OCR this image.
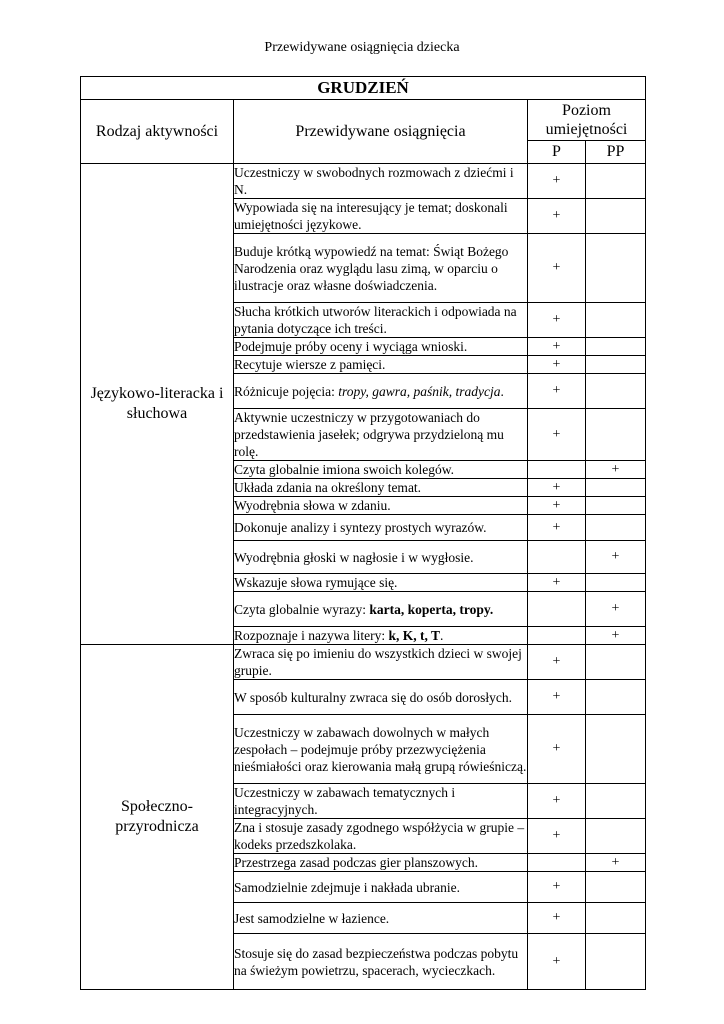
Przewidywane osiągnięcia dziecka
GRUDZIEŃ			
Rodzaj aktywności	Przewidywane osiągnięcia	Poziom umiejętności	
		P	PP
Językowo-literacka i słuchowa	Uczestniczy w swobodnych rozmowach z dziećmi i N.	+	
	Wypowiada się na interesujący je temat; doskonali umiejętności językowe.	+	
	Buduje krótką wypowiedź na temat: Świąt Bożego Narodzenia oraz wyglądu lasu zimą, w oparciu o ilustracje oraz własne doświadczenia.	+	
	Słucha krótkich utworów literackich i odpowiada na pytania dotyczące ich treści.	+	
	Podejmuje próby oceny i wyciąga wnioski.	+	
	Recytuje wiersze z pamięci.	+	
	Różnicuje pojęcia: tropy, gawra, paśnik, tradycja.	+	
	Aktywnie uczestniczy w przygotowaniach do przedstawienia jasełek; odgrywa przydzieloną mu rolę.	+	
	Czyta globalnie imiona swoich kolegów.		+
	Układa zdania na określony temat.	+	
	Wyodrębnia słowa w zdaniu.	+	
	Dokonuje analizy i syntezy prostych wyrazów.	+	
	Wyodrębnia głoski w nagłosie i w wygłosie.		+
	Wskazuje słowa rymujące się.	+	
	Czyta globalnie wyrazy: karta, koperta, tropy.		+
	Rozpoznaje i nazywa litery: k, K, t, T.		+
Społeczno-przyrodnicza	Zwraca się po imieniu do wszystkich dzieci w swojej grupie.	+	
	W sposób kulturalny zwraca się do osób dorosłych.	+	
	Uczestniczy w zabawach dowolnych w małych zespołach – podejmuje próby przezwyciężenia nieśmiałości oraz kierowania małą grupą rówieśniczą.	+	
	Uczestniczy w zabawach tematycznych i integracyjnych.	+	
	Zna i stosuje zasady zgodnego współżycia w grupie – kodeks przedszkolaka.	+	
	Przestrzega zasad podczas gier planszowych.		+
	Samodzielnie zdejmuje i nakłada ubranie.	+	
	Jest samodzielne w łazience.	+	
	Stosuje się do zasad bezpieczeństwa podczas pobytu na świeżym powietrzu, spacerach, wycieczkach.	+	
